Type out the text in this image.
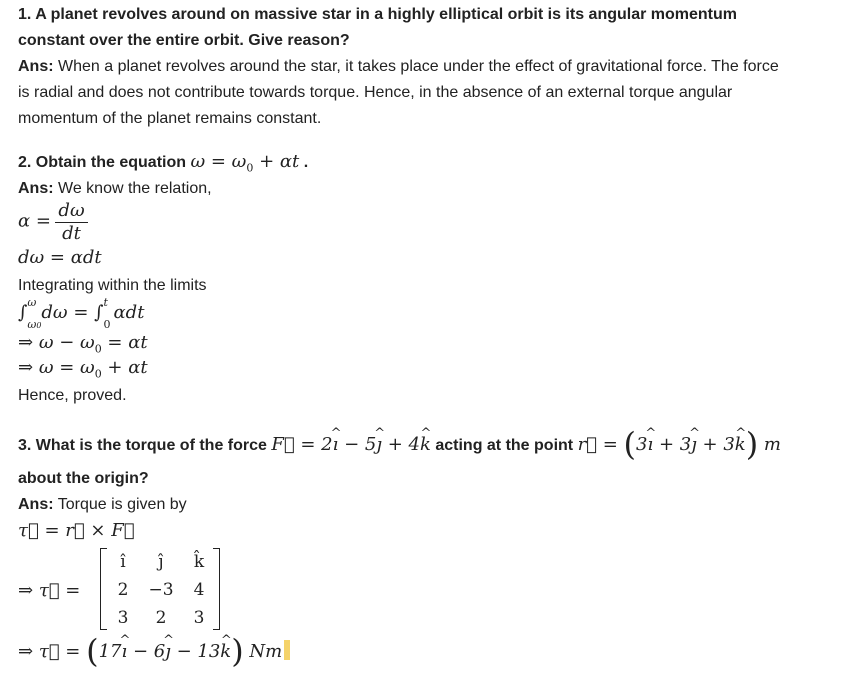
1. A planet revolves around on massive star in a highly elliptical orbit is its angular momentum
constant over the entire orbit. Give reason?
Ans: When a planet revolves around the star, it takes place under the effect of gravitational force. The force
is radial and does not contribute towards torque. Hence, in the absence of an external torque angular
momentum of the planet remains constant.
2. Obtain the equation $\omega = \omega_0 + \alpha t$ .
Ans: We know the relation,
$\alpha = \frac{d\omega}{dt}$
dω = αdt
Integrating within the limits
∫ ω
ω0
dω = ∫ t
0
αdt
⇒ $\omega - \omega_0 = \alpha t$
⇒ $\omega = \omega_0 + \alpha t$
Hence, proved.
3. What is the torque of the force F⃗ = 2ı ^ − 5ȷ ^ + 4k ^ acting at the point r⃗ = (3ı ^ + 3ȷ ^ + 3k ^) m
about the origin?
Ans: Torque is given by
τ⃗ = r⃗ × F⃗
⇒ τ⃗ =
î	ĵ	k̂
2	−3	4
3	2	3
⇒ τ⃗ = (17ı ^ − 6ȷ ^ − 13k ^) Nm
